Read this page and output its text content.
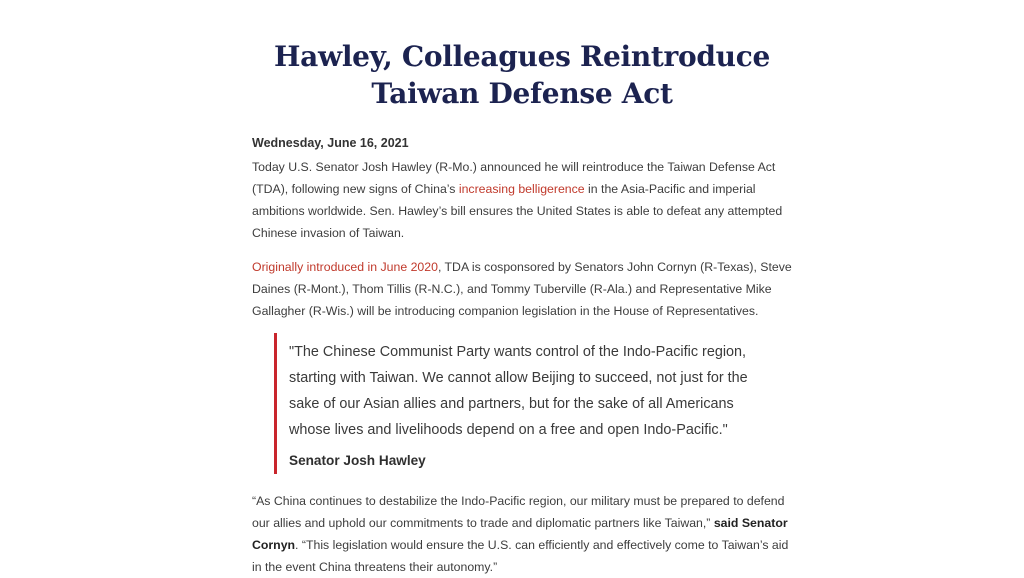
Hawley, Colleagues Reintroduce Taiwan Defense Act
Wednesday, June 16, 2021

Today U.S. Senator Josh Hawley (R-Mo.) announced he will reintroduce the Taiwan Defense Act (TDA), following new signs of China’s increasing belligerence in the Asia-Pacific and imperial ambitions worldwide. Sen. Hawley’s bill ensures the United States is able to defeat any attempted Chinese invasion of Taiwan.

Originally introduced in June 2020, TDA is cosponsored by Senators John Cornyn (R-Texas), Steve Daines (R-Mont.), Thom Tillis (R-N.C.), and Tommy Tuberville (R-Ala.) and Representative Mike Gallagher (R-Wis.) will be introducing companion legislation in the House of Representatives.

"The Chinese Communist Party wants control of the Indo-Pacific region, starting with Taiwan. We cannot allow Beijing to succeed, not just for the sake of our Asian allies and partners, but for the sake of all Americans whose lives and livelihoods depend on a free and open Indo-Pacific."

Senator Josh Hawley

“As China continues to destabilize the Indo-Pacific region, our military must be prepared to defend our allies and uphold our commitments to trade and diplomatic partners like Taiwan,” said Senator Cornyn. “This legislation would ensure the U.S. can efficiently and effectively come to Taiwan’s aid in the event China threatens their autonomy.”
